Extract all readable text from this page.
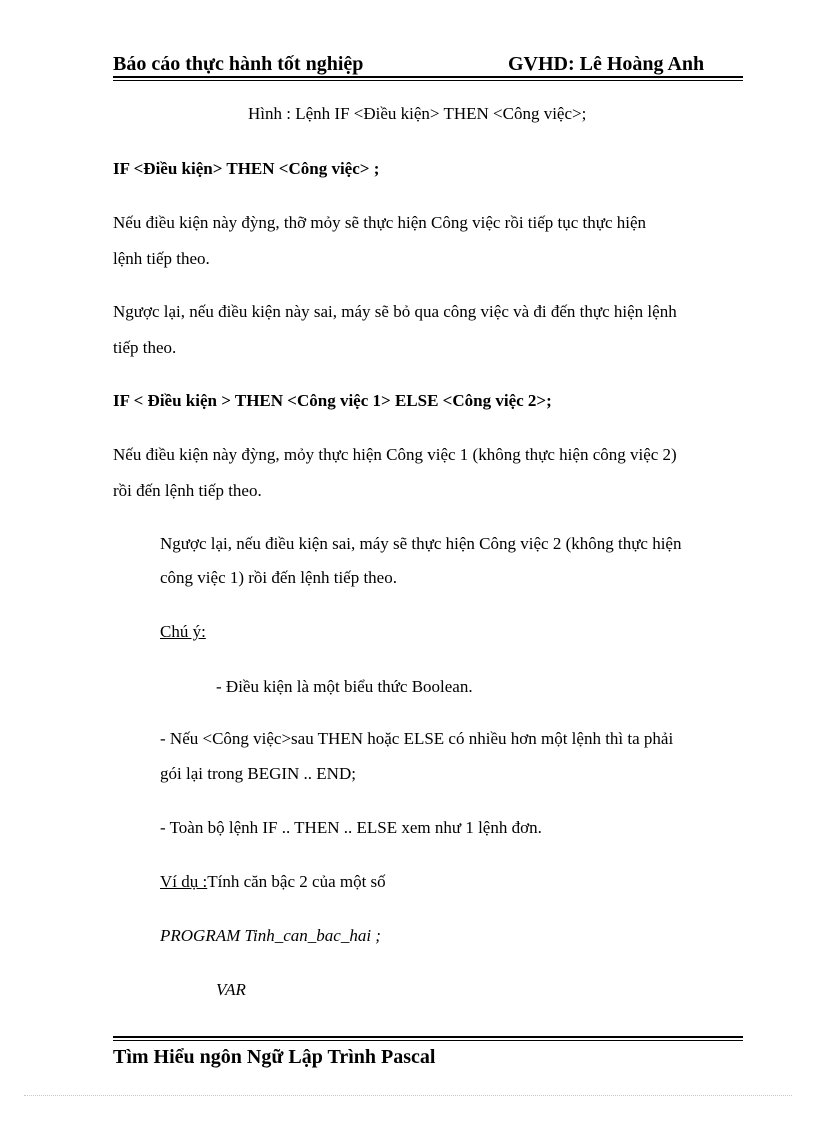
Báo cáo thực hành tốt nghiệp	GVHD: Lê Hoàng Anh
Hình : Lệnh IF <Điều kiện> THEN <Công việc>;
IF <Điều kiện> THEN <Công việc> ;
Nếu điều kiện này đỳng, thỡ mỏy sẽ thực hiện Công việc rồi tiếp tục thực hiện
lệnh tiếp theo.
Ngược lại, nếu điều kiện này sai, máy sẽ bỏ qua công việc và đi đến thực hiện lệnh
tiếp theo.
IF < Điều kiện > THEN <Công việc 1> ELSE <Công việc 2>;
Nếu điều kiện này đỳng, mỏy thực hiện Công việc 1 (không thực hiện công việc 2)
rồi đến lệnh tiếp theo.
Ngược lại, nếu điều kiện sai, máy sẽ thực hiện Công việc 2 (không thực hiện
công việc 1) rồi đến lệnh tiếp theo.
Chú ý:
- Điều kiện là một biểu thức Boolean.
- Nếu <Công việc>sau THEN hoặc ELSE có nhiều hơn một lệnh thì ta phải
gói lại trong BEGIN .. END;
- Toàn bộ lệnh IF .. THEN .. ELSE xem như 1 lệnh đơn.
Ví dụ :Tính căn bậc 2 của một số
PROGRAM Tinh_can_bac_hai ;
VAR
Tìm Hiểu ngôn Ngữ Lập Trình Pascal
